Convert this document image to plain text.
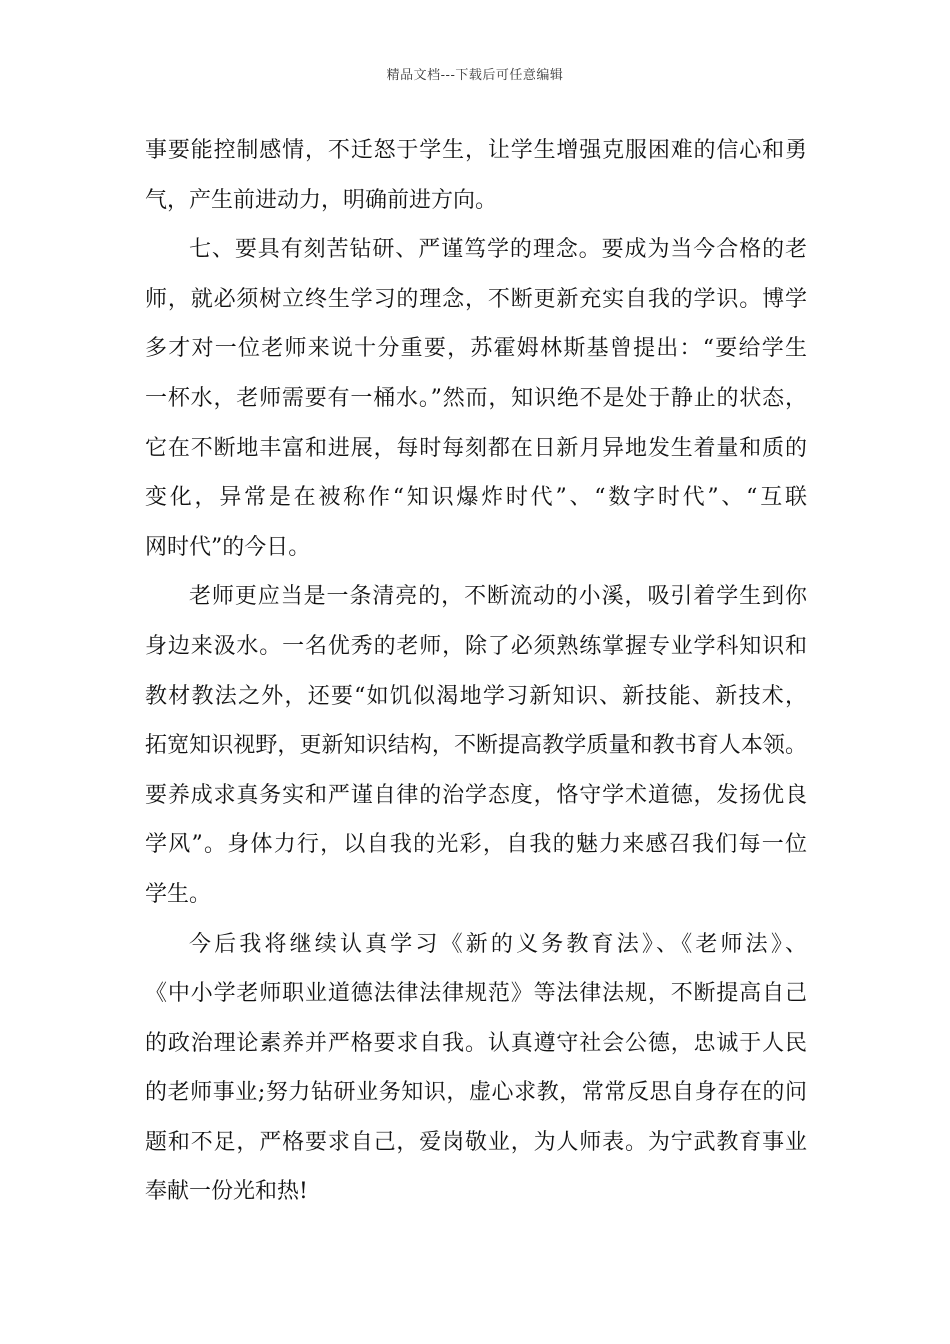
精品文档---下载后可任意编辑
事要能控制感情，不迁怒于学生，让学生增强克服困难的信心和勇
气，产生前进动力，明确前进方向。
七、要具有刻苦钻研、严谨笃学的理念。要成为当今合格的老
师，就必须树立终生学习的理念，不断更新充实自我的学识。博学
多才对一位老师来说十分重要，苏霍姆林斯基曾提出：“要给学生
一杯水，老师需要有一桶水。”然而，知识绝不是处于静止的状态，
它在不断地丰富和进展，每时每刻都在日新月异地发生着量和质的
变化，异常是在被称作“知识爆炸时代”、“数字时代”、“互联
网时代”的今日。
老师更应当是一条清亮的，不断流动的小溪，吸引着学生到你
身边来汲水。一名优秀的老师，除了必须熟练掌握专业学科知识和
教材教法之外，还要“如饥似渴地学习新知识、新技能、新技术，
拓宽知识视野，更新知识结构，不断提高教学质量和教书育人本领。
要养成求真务实和严谨自律的治学态度，恪守学术道德，发扬优良
学风”。身体力行，以自我的光彩，自我的魅力来感召我们每一位
学生。
今后我将继续认真学习《新的义务教育法》、《老师法》、
《中小学老师职业道德法律法律规范》等法律法规，不断提高自己
的政治理论素养并严格要求自我。认真遵守社会公德，忠诚于人民
的老师事业;努力钻研业务知识，虚心求教，常常反思自身存在的问
题和不足，严格要求自己，爱岗敬业，为人师表。为宁武教育事业
奉献一份光和热!
